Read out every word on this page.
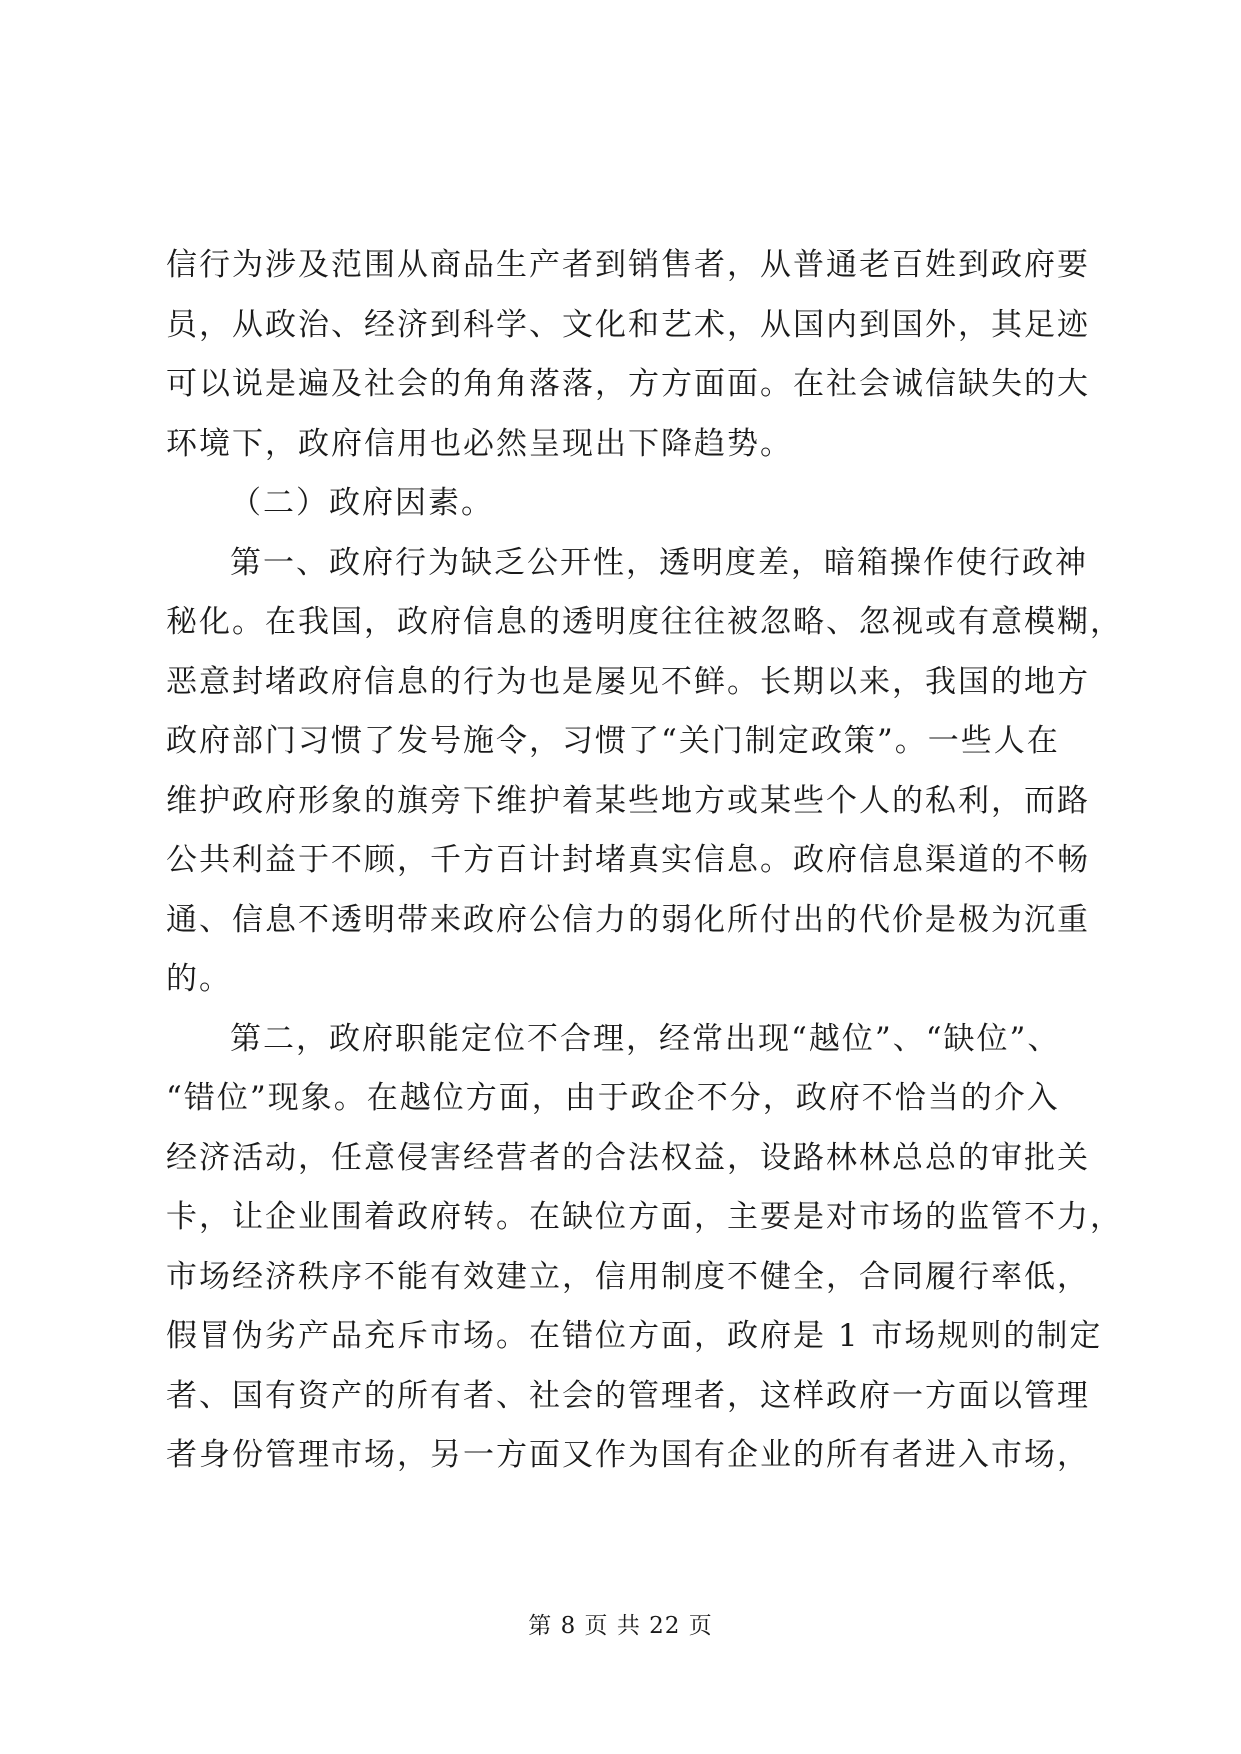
信行为涉及范围从商品生产者到销售者，从普通老百姓到政府要
员，从政治、经济到科学、文化和艺术，从国内到国外，其足迹
可以说是遍及社会的角角落落，方方面面。在社会诚信缺失的大
环境下，政府信用也必然呈现出下降趋势。
（二）政府因素。
第一、政府行为缺乏公开性，透明度差，暗箱操作使行政神
秘化。在我国，政府信息的透明度往往被忽略、忽视或有意模糊，
恶意封堵政府信息的行为也是屡见不鲜。长期以来，我国的地方
政府部门习惯了发号施令，习惯了“关门制定政策”。一些人在
维护政府形象的旗旁下维护着某些地方或某些个人的私利，而路
公共利益于不顾，千方百计封堵真实信息。政府信息渠道的不畅
通、信息不透明带来政府公信力的弱化所付出的代价是极为沉重
的。
第二，政府职能定位不合理，经常出现“越位”、“缺位”、
“错位”现象。在越位方面，由于政企不分，政府不恰当的介入
经济活动，任意侵害经营者的合法权益，设路林林总总的审批关
卡，让企业围着政府转。在缺位方面，主要是对市场的监管不力，
市场经济秩序不能有效建立，信用制度不健全，合同履行率低，
假冒伪劣产品充斥市场。在错位方面，政府是 1 市场规则的制定
者、国有资产的所有者、社会的管理者，这样政府一方面以管理
者身份管理市场，另一方面又作为国有企业的所有者进入市场，
第 8 页 共 22 页
